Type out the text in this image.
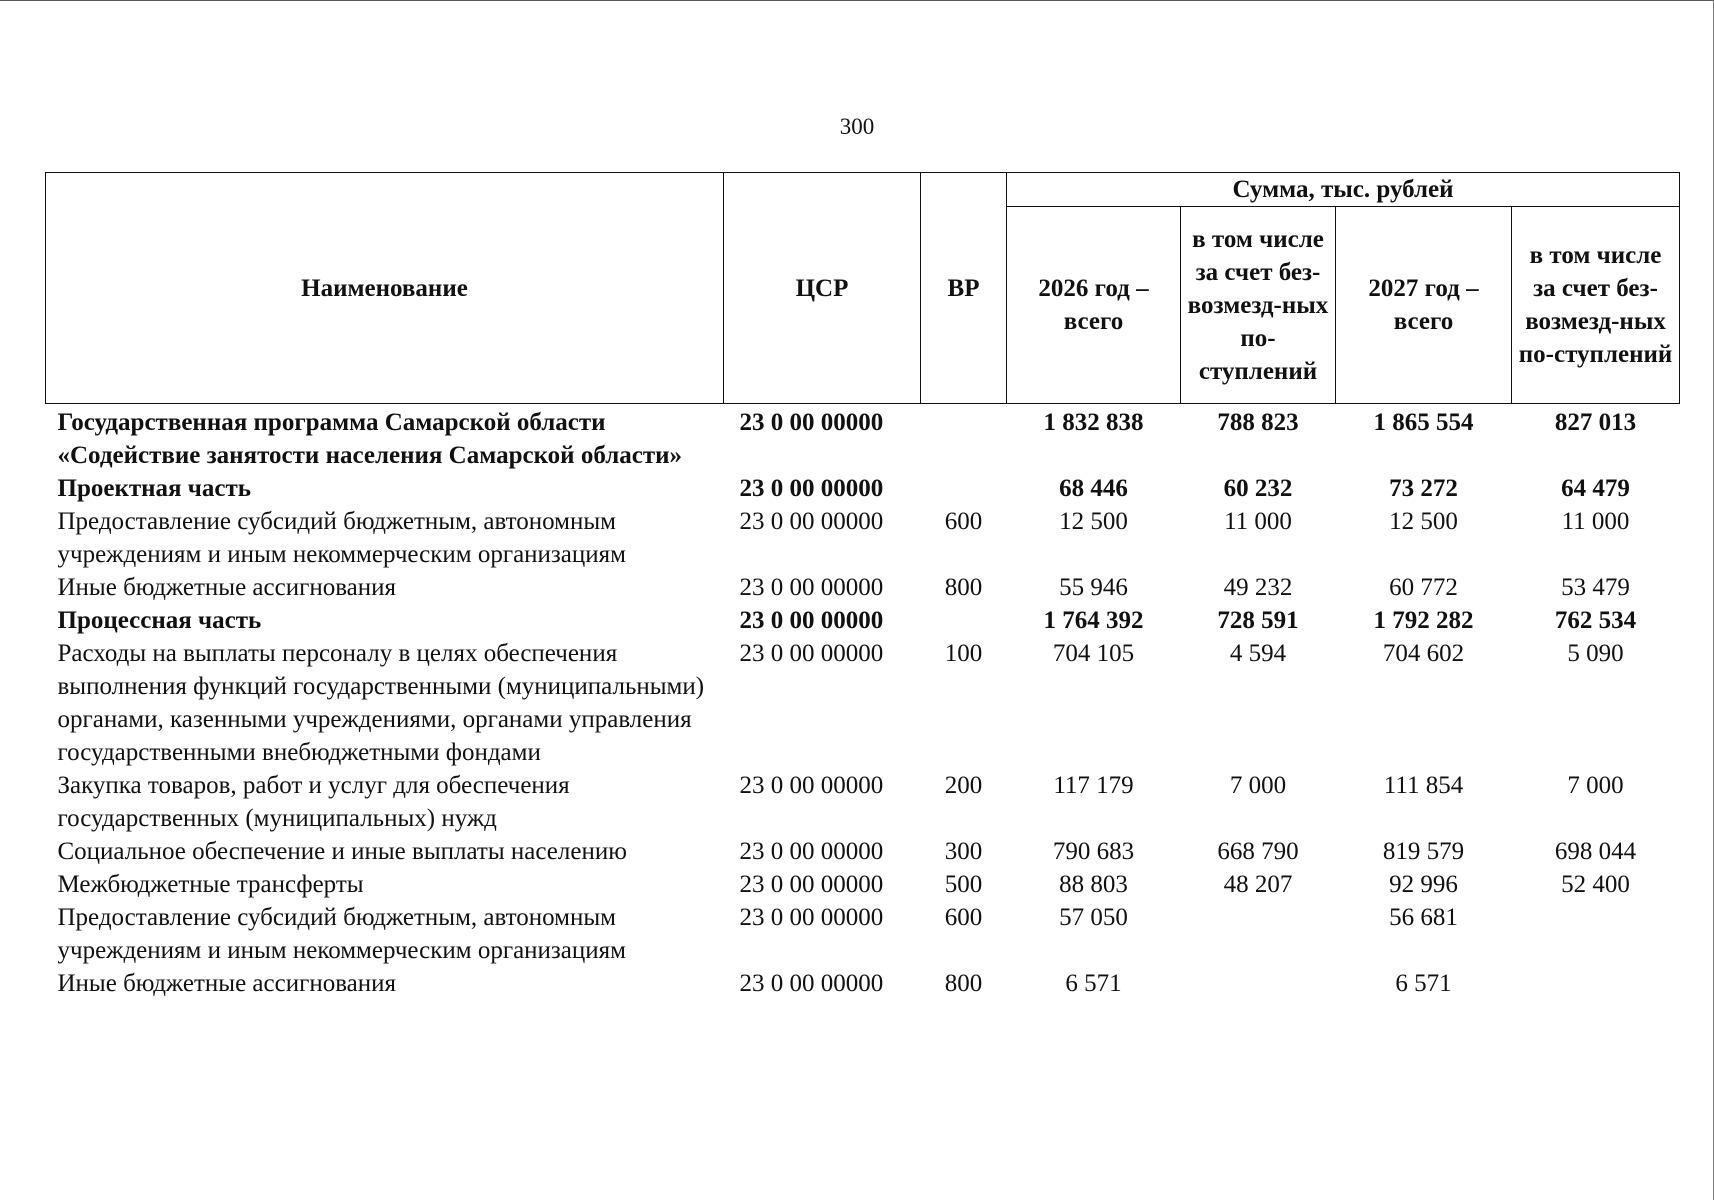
300
Наименование	ЦСР	ВР	Сумма, тыс. рублей			
			2026 год – всего	в том числе за счет без-возмезд-ных по-ступлений	2027 год – всего	в том числе за счет без-возмезд-ных по-ступлений
Государственная программа Самарской области «Содействие занятости населения Самарской области»	23 0 00 00000		1 832 838	788 823	1 865 554	827 013
Проектная часть	23 0 00 00000		68 446	60 232	73 272	64 479
Предоставление субсидий бюджетным, автономным учреждениям и иным некоммерческим организациям	23 0 00 00000	600	12 500	11 000	12 500	11 000
Иные бюджетные ассигнования	23 0 00 00000	800	55 946	49 232	60 772	53 479
Процессная часть	23 0 00 00000		1 764 392	728 591	1 792 282	762 534
Расходы на выплаты персоналу в целях обеспечения выполнения функций государственными (муниципальными) органами, казенными учреждениями, органами управления государственными внебюджетными фондами	23 0 00 00000	100	704 105	4 594	704 602	5 090
Закупка товаров, работ и услуг для обеспечения государственных (муниципальных) нужд	23 0 00 00000	200	117 179	7 000	111 854	7 000
Социальное обеспечение и иные выплаты населению	23 0 00 00000	300	790 683	668 790	819 579	698 044
Межбюджетные трансферты	23 0 00 00000	500	88 803	48 207	92 996	52 400
Предоставление субсидий бюджетным, автономным учреждениям и иным некоммерческим организациям	23 0 00 00000	600	57 050		56 681	
Иные бюджетные ассигнования	23 0 00 00000	800	6 571		6 571	
